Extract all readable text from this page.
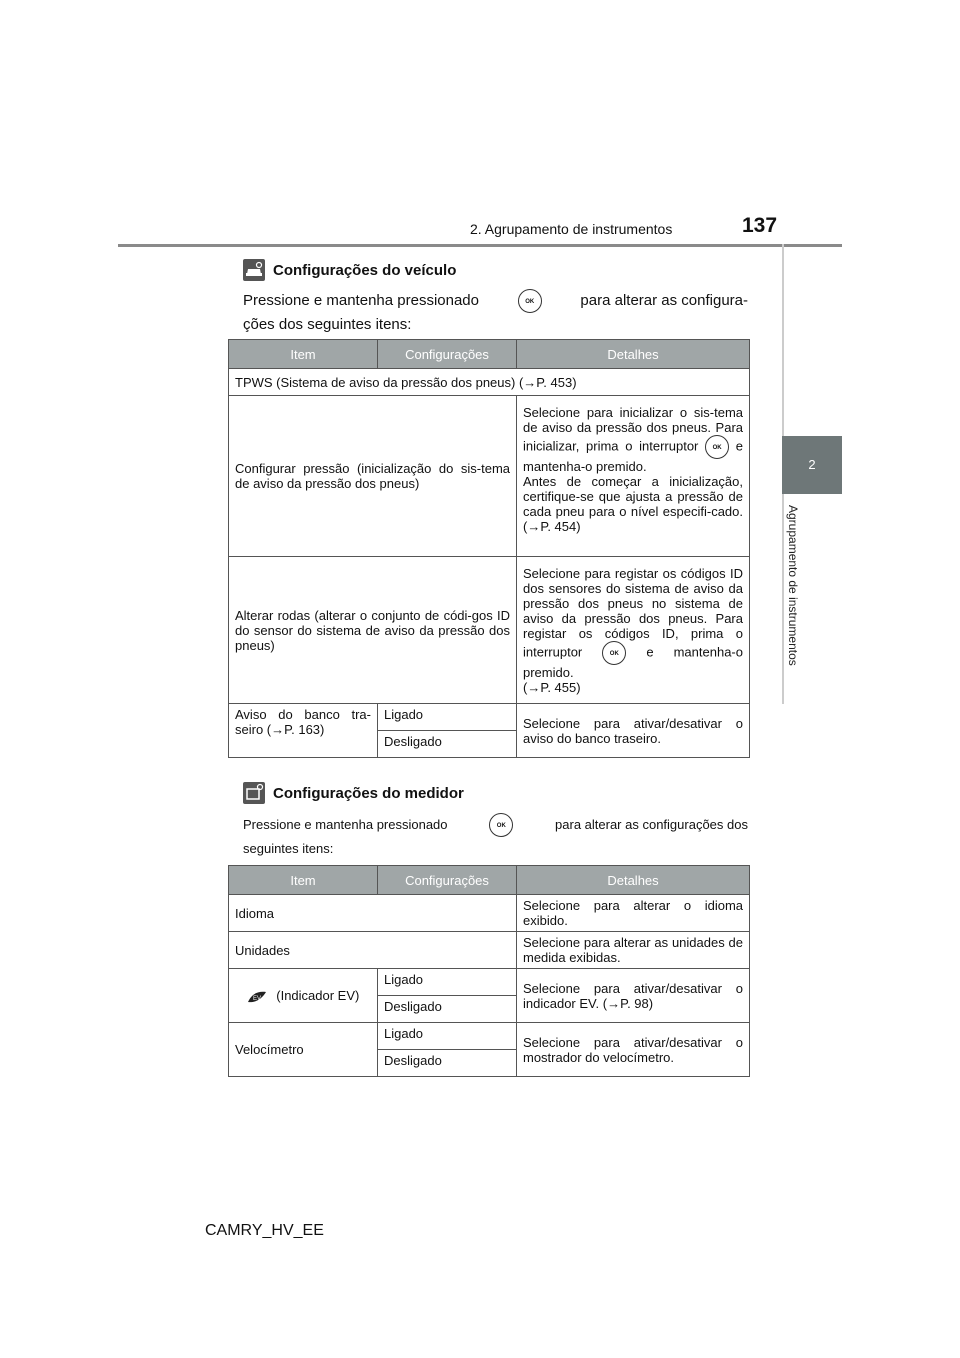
2. Agrupamento de instrumentos	137
2
Agrupamento de instrumentos
Configurações do veículo
Pressione e mantenha pressionado	OK	para alterar as configura-
ções dos seguintes itens:
Item	Configurações	Detalhes
TPWS (Sistema de aviso da pressão dos pneus) (→P. 453)		
Configurar pressão (inicialização do sis-tema de aviso da pressão dos pneus)		Selecione para inicializar o sis-tema de aviso da pressão dos pneus. Para inicializar, prima o interruptor OK e mantenha-o premido.
Antes de começar a inicialização, certifique-se que ajusta a pressão de cada pneu para o nível especifi-cado. (→P. 454)

Alterar rodas (alterar o conjunto de códi-gos ID do sensor do sistema de aviso da pressão dos pneus)		Selecione para registar os códigos ID dos sensores do sistema de aviso da pressão dos pneus no sistema de aviso da pressão dos pneus. Para registar os códigos ID, prima o interruptor OK e mantenha-o premido.
(→P. 455)

Aviso do banco tra-seiro (→P. 163)	Ligado	Selecione para ativar/desativar o aviso do banco traseiro.
	Desligado	
Configurações do medidor
Pressione e mantenha pressionado	OK	para alterar as configurações dos
seguintes itens:
Item	Configurações	Detalhes
Idioma		Selecione para alterar o idioma exibido.
Unidades		Selecione para alterar as unidades de medida exibidas.

EV (Indicador EV)	Ligado	Selecione para ativar/desativar o indicador EV. (→P. 98)
	Desligado	
Velocímetro	Ligado	Selecione para ativar/desativar o mostrador do velocímetro.
	Desligado	
CAMRY_HV_EE
